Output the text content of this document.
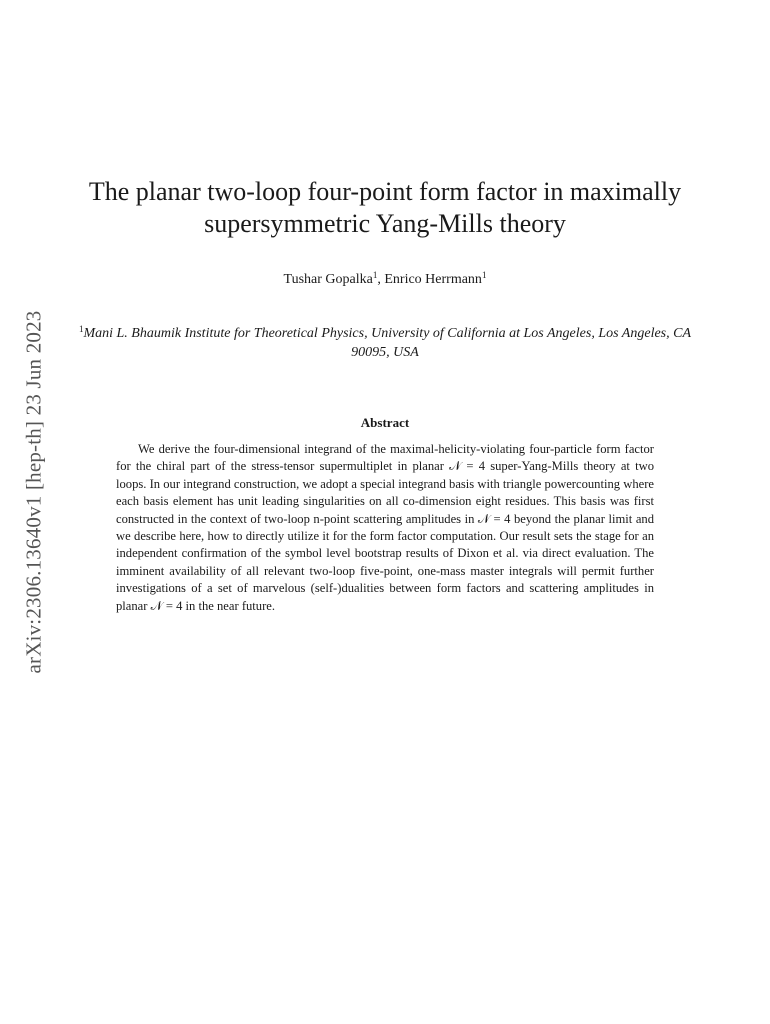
arXiv:2306.13640v1 [hep-th] 23 Jun 2023
The planar two-loop four-point form factor in maximally supersymmetric Yang-Mills theory
Tushar Gopalka$^1$, Enrico Herrmann$^1$
$^1$Mani L. Bhaumik Institute for Theoretical Physics, University of California at Los Angeles, Los Angeles, CA 90095, USA
Abstract
We derive the four-dimensional integrand of the maximal-helicity-violating four-particle form factor for the chiral part of the stress-tensor supermultiplet in planar 𝒩 = 4 super-Yang-Mills theory at two loops. In our integrand construction, we adopt a special integrand basis with triangle powercounting where each basis element has unit leading singularities on all co-dimension eight residues. This basis was first constructed in the context of two-loop n-point scattering amplitudes in 𝒩 = 4 beyond the planar limit and we describe here, how to directly utilize it for the form factor computation. Our result sets the stage for an independent confirmation of the symbol level bootstrap results of Dixon et al. via direct evaluation. The imminent availability of all relevant two-loop five-point, one-mass master integrals will permit further investigations of a set of marvelous (self-)dualities between form factors and scattering amplitudes in planar 𝒩 = 4 in the near future.
